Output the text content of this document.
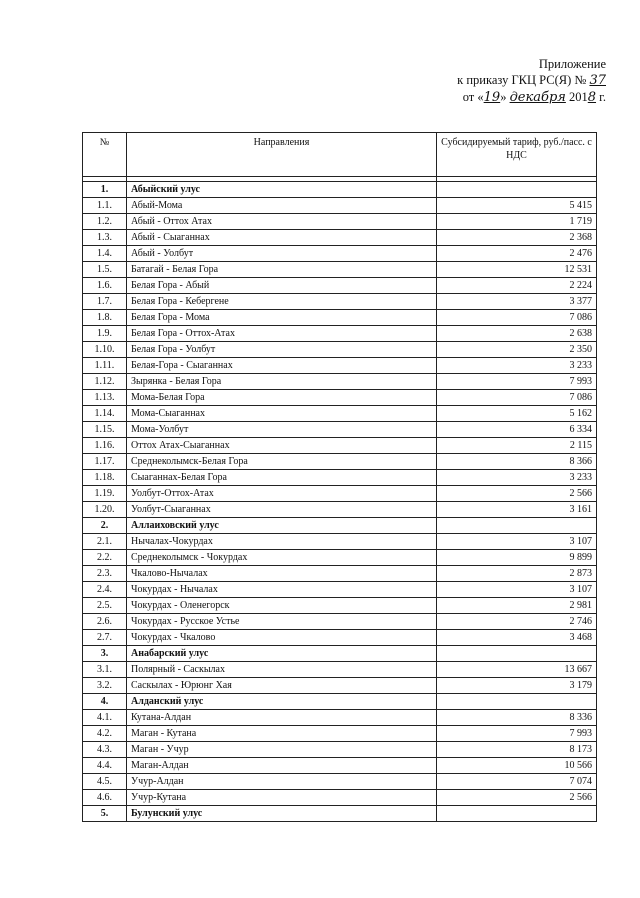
Приложение
к приказу ГКЦ РС(Я) № 37
от «19» декабря 2018 г.
№	Направления	Субсидируемый тариф, руб./пасс. с НДС

1.	Абыйский улус	
1.1.	Абый-Мома	5 415
1.2.	Абый - Оттох Атах	1 719
1.3.	Абый - Сыаганнах	2 368
1.4.	Абый - Уолбут	2 476
1.5.	Батагай - Белая Гора	12 531
1.6.	Белая Гора - Абый	2 224
1.7.	Белая Гора - Кебергене	3 377
1.8.	Белая Гора - Мома	7 086
1.9.	Белая Гора - Оттох-Атах	2 638
1.10.	Белая Гора - Уолбут	2 350
1.11.	Белая-Гора - Сыаганнах	3 233
1.12.	Зырянка - Белая Гора	7 993
1.13.	Мома-Белая Гора	7 086
1.14.	Мома-Сыаганнах	5 162
1.15.	Мома-Уолбут	6 334
1.16.	Оттох Атах-Сыаганнах	2 115
1.17.	Среднеколымск-Белая Гора	8 366
1.18.	Сыаганнах-Белая Гора	3 233
1.19.	Уолбут-Оттох-Атах	2 566
1.20.	Уолбут-Сыаганнах	3 161
2.	Аллаиховский улус	
2.1.	Нычалах-Чокурдах	3 107
2.2.	Среднеколымск - Чокурдах	9 899
2.3.	Чкалово-Нычалах	2 873
2.4.	Чокурдах - Нычалах	3 107
2.5.	Чокурдах - Оленегорск	2 981
2.6.	Чокурдах - Русское Устье	2 746
2.7.	Чокурдах - Чкалово	3 468
3.	Анабарский улус	
3.1.	Полярный - Саскылах	13 667
3.2.	Саскылах - Юрюнг Хая	3 179
4.	Алданский улус	
4.1.	Кутана-Алдан	8 336
4.2.	Маган - Кутана	7 993
4.3.	Маган - Учур	8 173
4.4.	Маган-Алдан	10 566
4.5.	Учур-Алдан	7 074
4.6.	Учур-Кутана	2 566
5.	Булунский улус	
